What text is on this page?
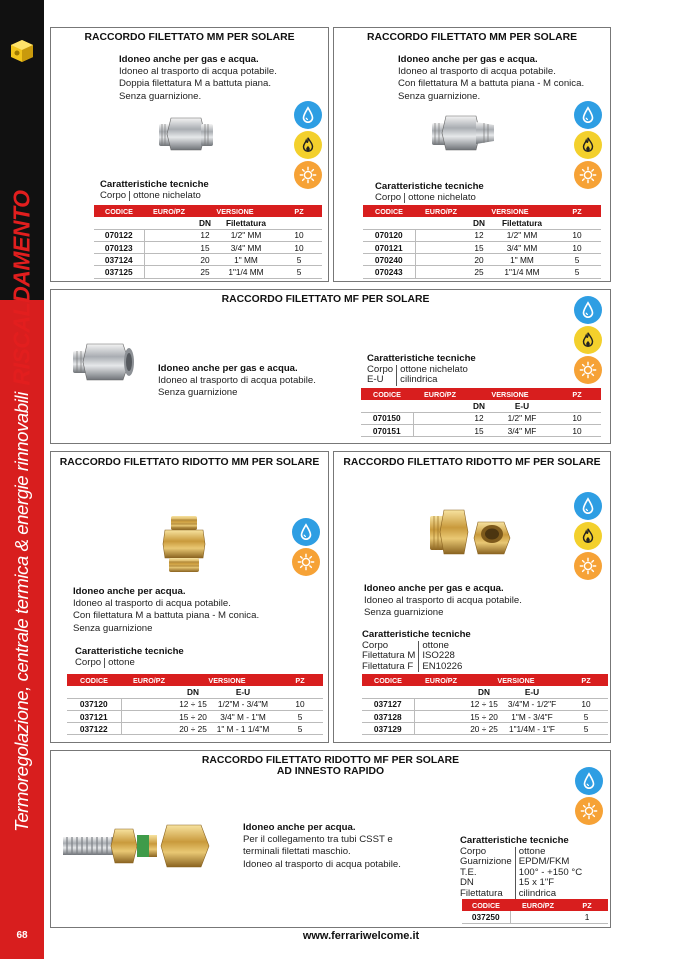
RISCALDAMENTO
Termoregolazione, centrale termica & energie rinnovabili
68
RACCORDO FILETTATO MM PER SOLARE
Idoneo anche per gas e acqua.
Idoneo al trasporto di acqua potabile.
Doppia filettatura M a battuta piana.
Senza guarnizione.
Caratteristiche tecniche
Corpo	ottone nichelato
CODICE	EURO/PZ	VERSIONE		PZ
		DN	Filettatura	
070122		12	1/2" MM	10
070123		15	3/4" MM	10
037124		20	1" MM	5
037125		25	1"1/4 MM	5
RACCORDO FILETTATO MM PER SOLARE
Idoneo anche per gas e acqua.
Idoneo al trasporto di acqua potabile.
Con filettatura M a battuta piana - M conica.
Senza guarnizione.
Caratteristiche tecniche
Corpo	ottone nichelato
CODICE	EURO/PZ	VERSIONE		PZ
		DN	Filettatura	
070120		12	1/2" MM	10
070121		15	3/4" MM	10
070240		20	1" MM	5
070243		25	1"1/4 MM	5
RACCORDO FILETTATO MF PER SOLARE
Idoneo anche per gas e acqua.
Idoneo al trasporto di acqua potabile.
Senza guarnizione
Caratteristiche tecniche
Corpo	ottone nichelato
E-U	cilindrica
CODICE	EURO/PZ	VERSIONE		PZ
		DN	E-U	
070150		12	1/2" MF	10
070151		15	3/4" MF	10
RACCORDO FILETTATO RIDOTTO MM PER SOLARE
Idoneo anche per acqua.
Idoneo al trasporto di acqua potabile.
Con filettatura M a battuta piana - M conica.
Senza guarnizione
Caratteristiche tecniche
Corpo	ottone
CODICE	EURO/PZ	VERSIONE		PZ
		DN	E-U	
037120		12 ÷ 15	1/2"M - 3/4"M	10
037121		15 ÷ 20	3/4" M - 1"M	5
037122		20 ÷ 25	1" M - 1 1/4"M	5
RACCORDO FILETTATO RIDOTTO MF PER SOLARE
Idoneo anche per gas e acqua.
Idoneo al trasporto di acqua potabile.
Senza guarnizione
Caratteristiche tecniche
Corpo	ottone
Filettatura M	ISO228
Filettatura F	EN10226
CODICE	EURO/PZ	VERSIONE		PZ
		DN	E-U	
037127		12 ÷ 15	3/4"M - 1/2"F	10
037128		15 ÷ 20	1"M - 3/4"F	5
037129		20 ÷ 25	1"1/4M - 1"F	5
RACCORDO FILETTATO RIDOTTO MF PER SOLARE
AD INNESTO RAPIDO
Idoneo anche per acqua.
Per il collegamento tra tubi CSST e
terminali filettati maschio.
Idoneo al trasporto di acqua potabile.
Caratteristiche tecniche
Corpo	ottone
Guarnizione	EPDM/FKM
T.E.	100° - +150 °C
DN	15 x 1"F
Filettatura	cilindrica
CODICE	EURO/PZ	PZ
037250		1
www.ferrariwelcome.it
